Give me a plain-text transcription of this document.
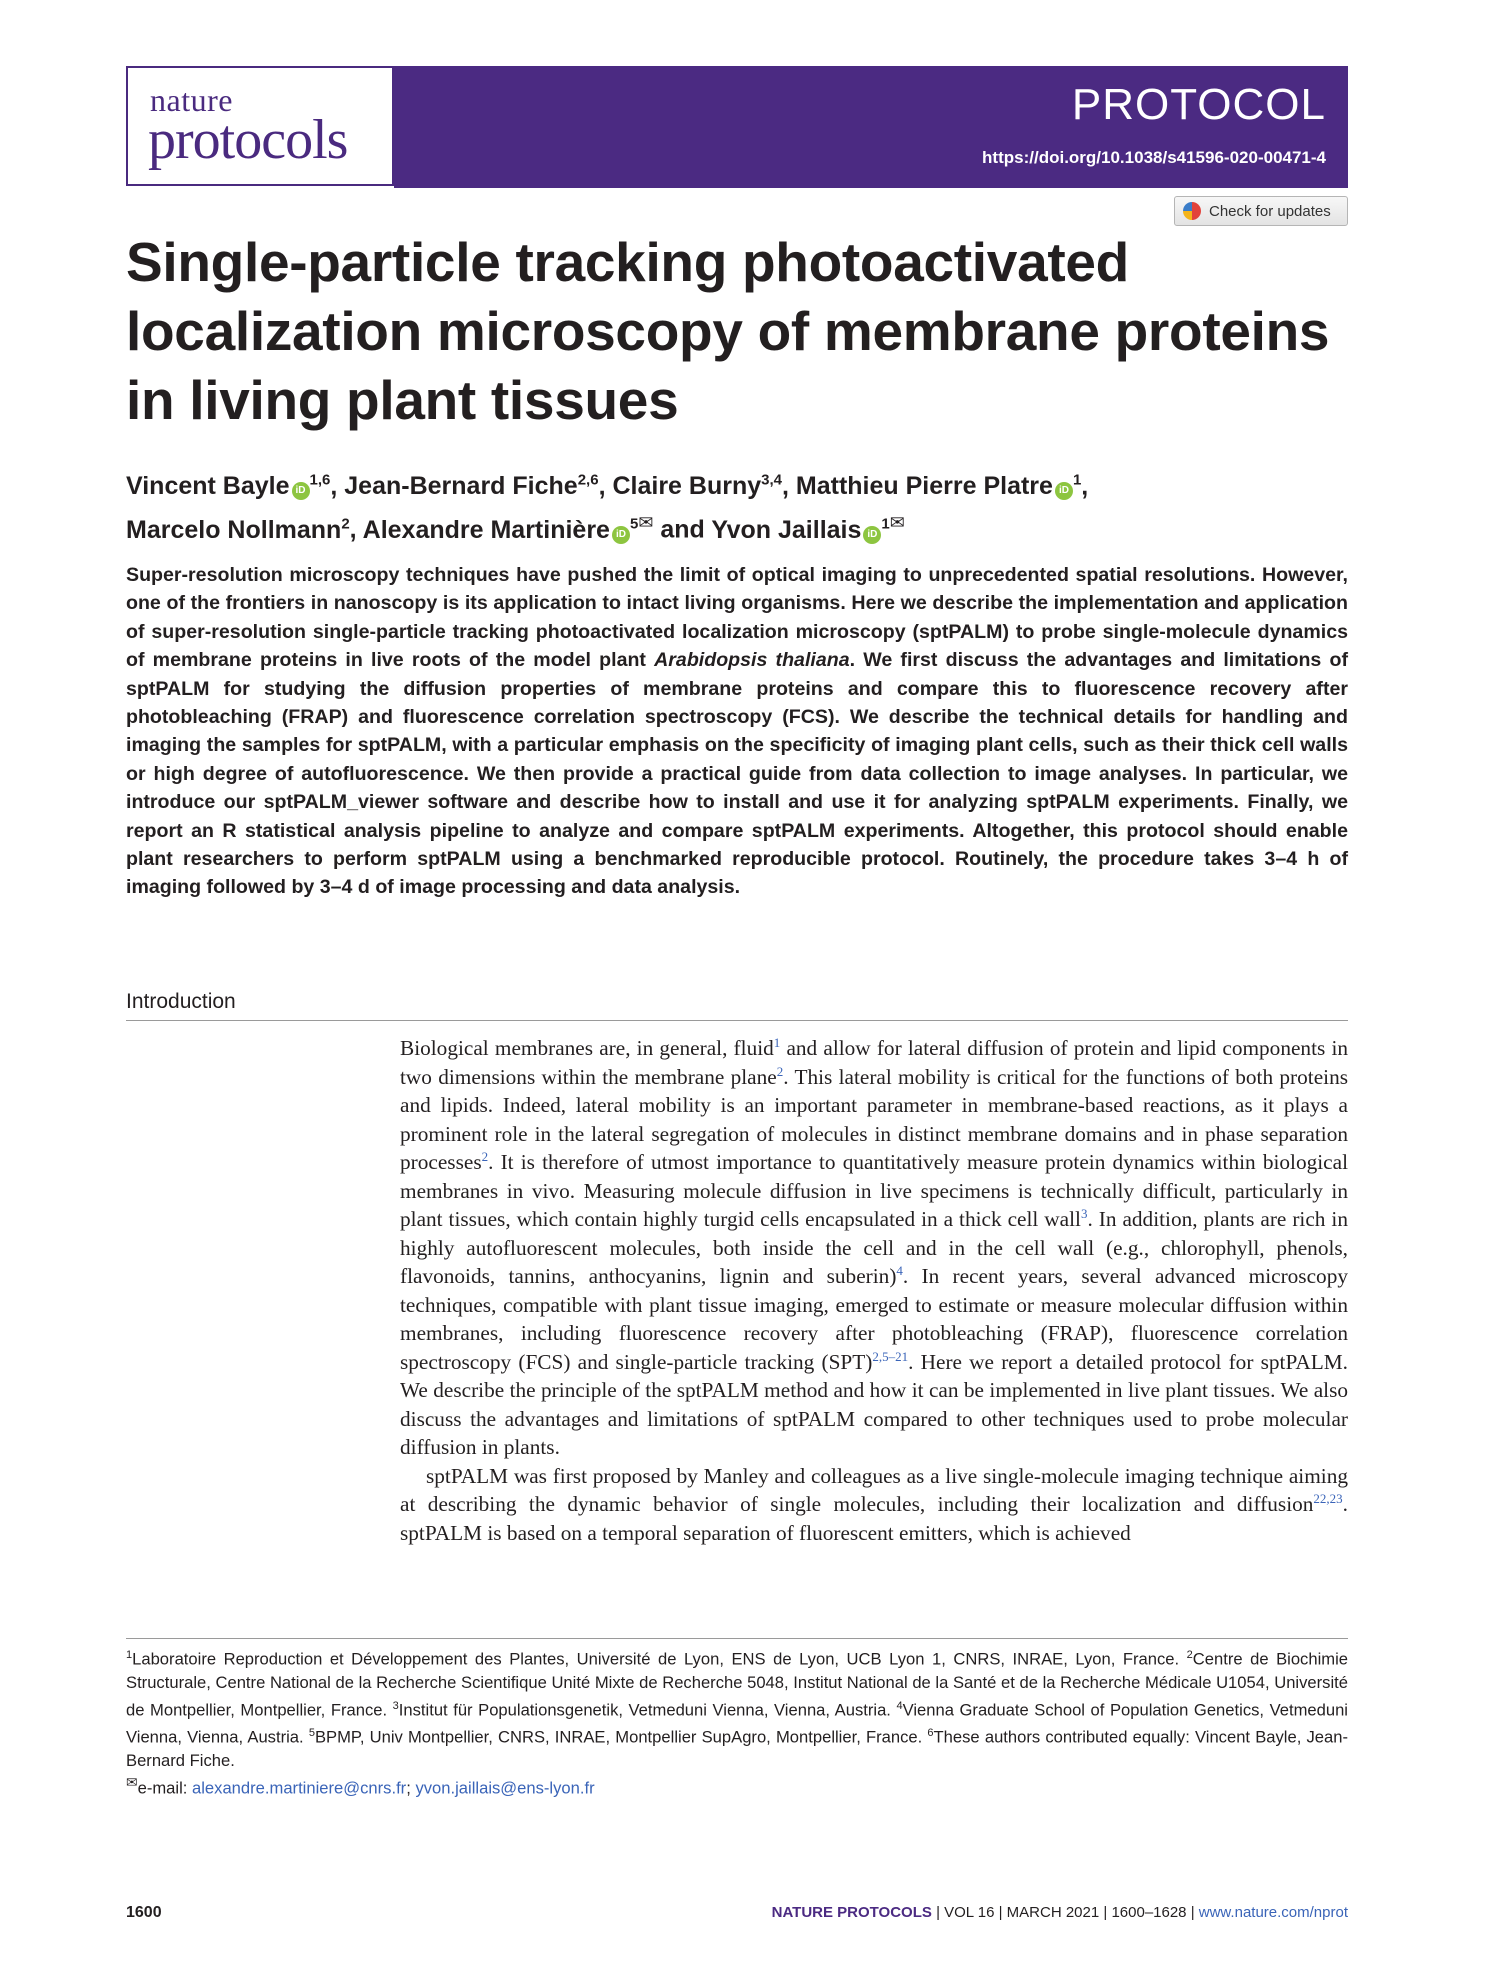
nature
protocols
PROTOCOL
https://doi.org/10.1038/s41596-020-00471-4
Check for updates
Single-particle tracking photoactivated localization microscopy of membrane proteins in living plant tissues
Vincent Bayle iD$^{1,6}$, Jean-Bernard Fiche$^{2,6}$, Claire Burny$^{3,4}$, Matthieu Pierre Platre $iD^1$,
Marcelo Nollmann$^2$, Alexandre Martinière $iD^{5✉}$ and Yvon Jaillais $iD^{1✉}$
Super-resolution microscopy techniques have pushed the limit of optical imaging to unprecedented spatial resolutions. However, one of the frontiers in nanoscopy is its application to intact living organisms. Here we describe the implementation and application of super-resolution single-particle tracking photoactivated localization microscopy (sptPALM) to probe single-molecule dynamics of membrane proteins in live roots of the model plant Arabidopsis thaliana. We first discuss the advantages and limitations of sptPALM for studying the diffusion properties of membrane proteins and compare this to fluorescence recovery after photobleaching (FRAP) and fluorescence correlation spectroscopy (FCS). We describe the technical details for handling and imaging the samples for sptPALM, with a particular emphasis on the specificity of imaging plant cells, such as their thick cell walls or high degree of autofluorescence. We then provide a practical guide from data collection to image analyses. In particular, we introduce our sptPALM_viewer software and describe how to install and use it for analyzing sptPALM experiments. Finally, we report an R statistical analysis pipeline to analyze and compare sptPALM experiments. Altogether, this protocol should enable plant researchers to perform sptPALM using a benchmarked reproducible protocol. Routinely, the procedure takes 3–4 h of imaging followed by 3–4 d of image processing and data analysis.
Introduction

Biological membranes are, in general, fluid$^1$ and allow for lateral diffusion of protein and lipid components in two dimensions within the membrane plane$^2$. This lateral mobility is critical for the functions of both proteins and lipids. Indeed, lateral mobility is an important parameter in membrane-based reactions, as it plays a prominent role in the lateral segregation of molecules in distinct membrane domains and in phase separation processes$^2$. It is therefore of utmost importance to quantitatively measure protein dynamics within biological membranes in vivo. Measuring molecule diffusion in live specimens is technically difficult, particularly in plant tissues, which contain highly turgid cells encapsulated in a thick cell wall$^3$. In addition, plants are rich in highly autofluorescent molecules, both inside the cell and in the cell wall (e.g., chlorophyll, phenols, flavonoids, tannins, anthocyanins, lignin and suberin)$^4$. In recent years, several advanced microscopy techniques, compatible with plant tissue imaging, emerged to estimate or measure molecular diffusion within membranes, including fluorescence recovery after photobleaching (FRAP), fluorescence correlation spectroscopy (FCS) and single-particle tracking (SPT)$^{2,5-21}$. Here we report a detailed protocol for sptPALM. We describe the principle of the sptPALM method and how it can be implemented in live plant tissues. We also discuss the advantages and limitations of sptPALM compared to other techniques used to probe molecular diffusion in plants.

sptPALM was first proposed by Manley and colleagues as a live single-molecule imaging technique aiming at describing the dynamic behavior of single molecules, including their localization and diffusion$^{22,23}$. sptPALM is based on a temporal separation of fluorescent emitters, which is achieved

$^1$Laboratoire Reproduction et Développement des Plantes, Université de Lyon, ENS de Lyon, UCB Lyon 1, CNRS, INRAE, Lyon, France. $^2$Centre de Biochimie Structurale, Centre National de la Recherche Scientifique Unité Mixte de Recherche 5048, Institut National de la Santé et de la Recherche Médicale U1054, Université de Montpellier, Montpellier, France. $^3$Institut für Populationsgenetik, Vetmeduni Vienna, Vienna, Austria. $^4$Vienna Graduate School of Population Genetics, Vetmeduni Vienna, Vienna, Austria. $^5$BPMP, Univ Montpellier, CNRS, INRAE, Montpellier SupAgro, Montpellier, France. $^6$These authors contributed equally: Vincent Bayle, Jean-Bernard Fiche.
✉e-mail: alexandre.martiniere@cnrs.fr; yvon.jaillais@ens-lyon.fr
1600	NATURE PROTOCOLS | VOL 16 | MARCH 2021 | 1600–1628 | www.nature.com/nprot
